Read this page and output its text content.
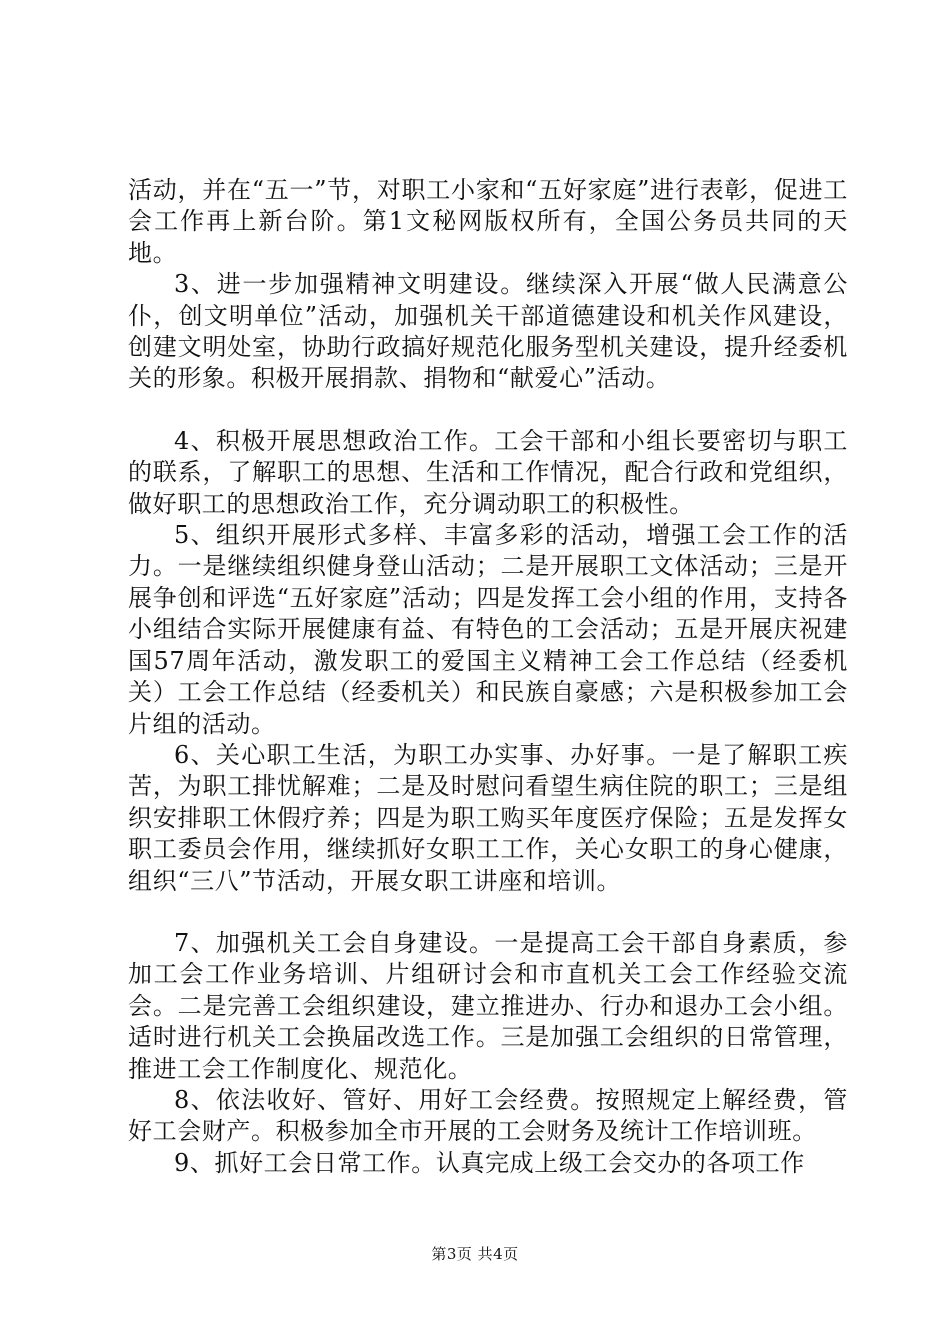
活动，并在“五一”节，对职工小家和“五好家庭”进行表彰，促进工会工作再上新台阶。第1文秘网版权所有，全国公务员共同的天地。

3、进一步加强精神文明建设。继续深入开展“做人民满意公仆，创文明单位”活动，加强机关干部道德建设和机关作风建设，创建文明处室，协助行政搞好规范化服务型机关建设，提升经委机关的形象。积极开展捐款、捐物和“献爱心”活动。

4、积极开展思想政治工作。工会干部和小组长要密切与职工的联系，了解职工的思想、生活和工作情况，配合行政和党组织，做好职工的思想政治工作，充分调动职工的积极性。

5、组织开展形式多样、丰富多彩的活动，增强工会工作的活力。一是继续组织健身登山活动；二是开展职工文体活动；三是开展争创和评选“五好家庭”活动；四是发挥工会小组的作用，支持各小组结合实际开展健康有益、有特色的工会活动；五是开展庆祝建国57周年活动，激发职工的爱国主义精神工会工作总结（经委机关）工会工作总结（经委机关）和民族自豪感；六是积极参加工会片组的活动。

6、关心职工生活，为职工办实事、办好事。一是了解职工疾苦，为职工排忧解难；二是及时慰问看望生病住院的职工；三是组织安排职工休假疗养；四是为职工购买年度医疗保险；五是发挥女职工委员会作用，继续抓好女职工工作，关心女职工的身心健康，组织“三八”节活动，开展女职工讲座和培训。

7、加强机关工会自身建设。一是提高工会干部自身素质，参加工会工作业务培训、片组研讨会和市直机关工会工作经验交流会。二是完善工会组织建设，建立推进办、行办和退办工会小组。适时进行机关工会换届改选工作。三是加强工会组织的日常管理，推进工会工作制度化、规范化。

8、依法收好、管好、用好工会经费。按照规定上解经费，管好工会财产。积极参加全市开展的工会财务及统计工作培训班。

9、抓好工会日常工作。认真完成上级工会交办的各项工作

第3页 共4页
